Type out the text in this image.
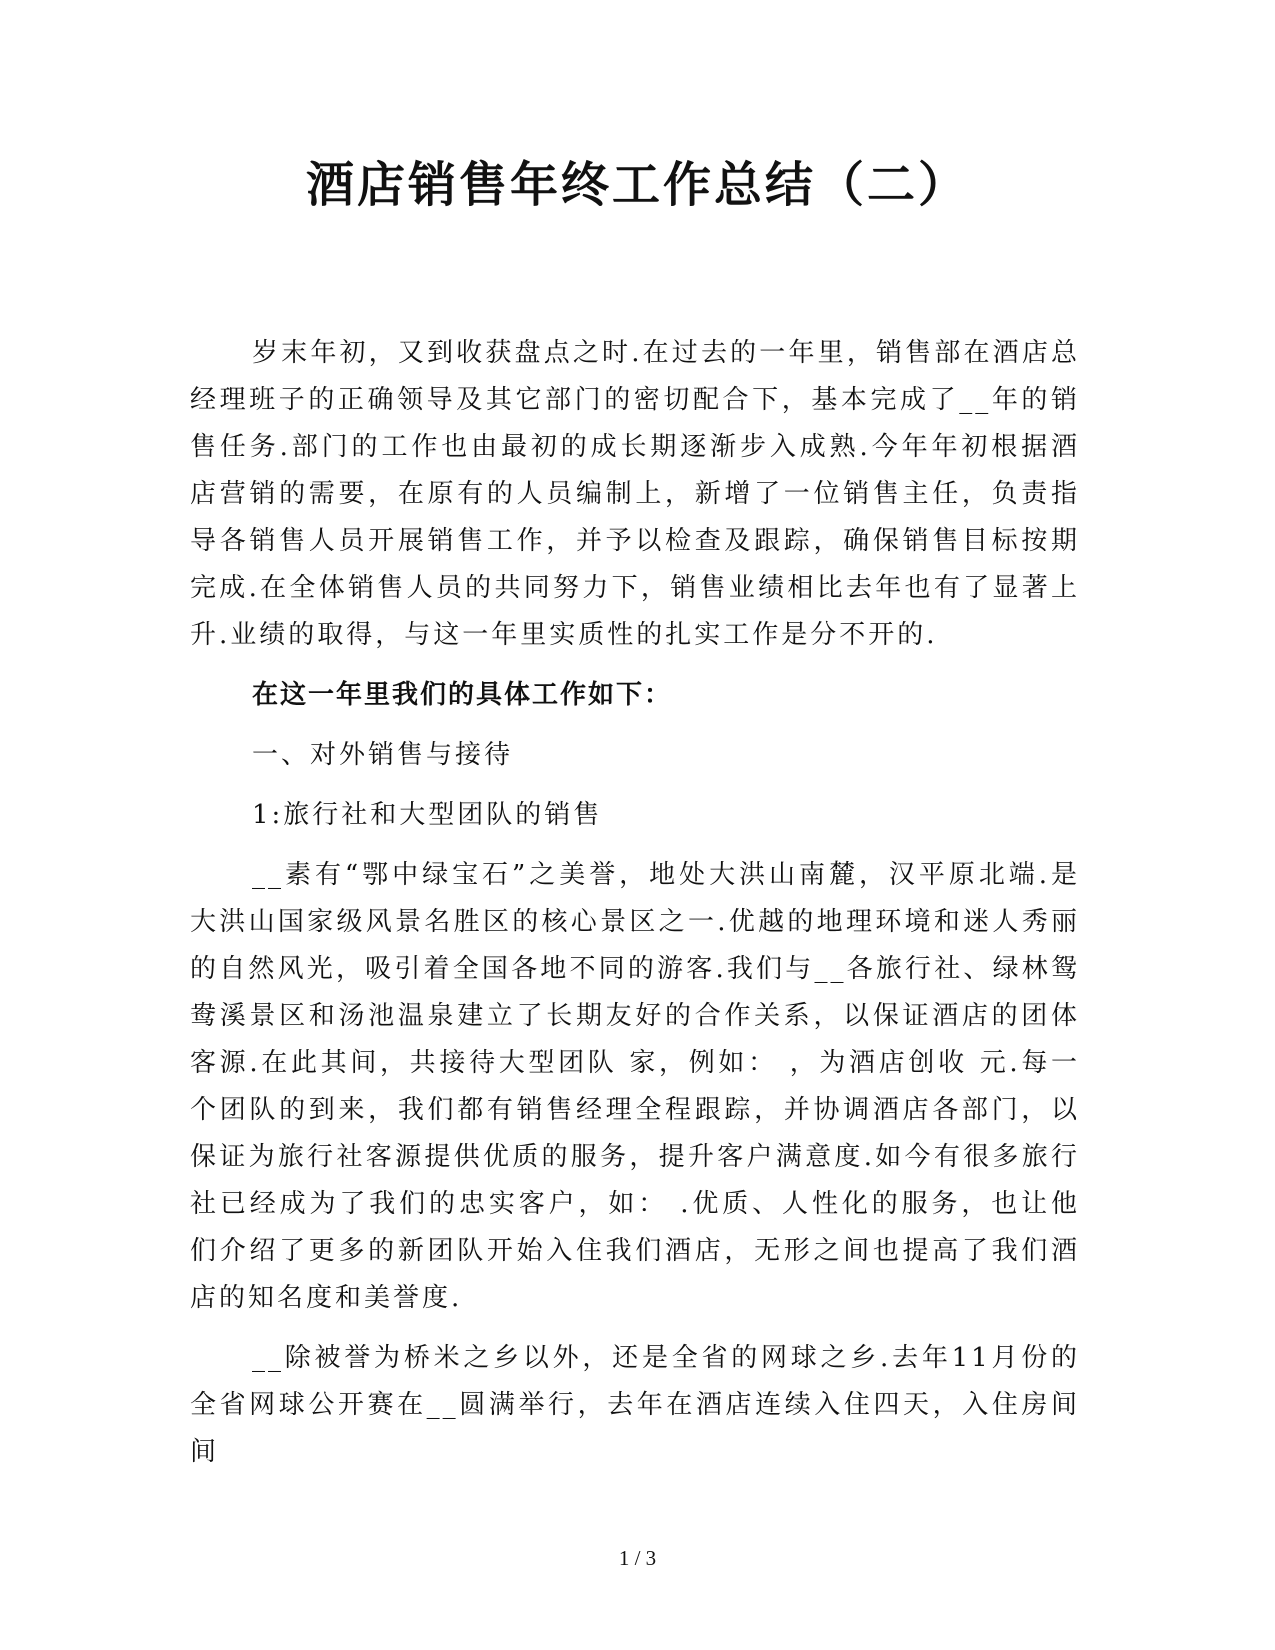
酒店销售年终工作总结（二）

岁末年初，又到收获盘点之时.在过去的一年里，销售部在酒店总经理班子的正确领导及其它部门的密切配合下，基本完成了__年的销售任务.部门的工作也由最初的成长期逐渐步入成熟.今年年初根据酒店营销的需要，在原有的人员编制上，新增了一位销售主任，负责指导各销售人员开展销售工作，并予以检查及跟踪，确保销售目标按期完成.在全体销售人员的共同努力下，销售业绩相比去年也有了显著上升.业绩的取得，与这一年里实质性的扎实工作是分不开的.

在这一年里我们的具体工作如下：

一、对外销售与接待

1:旅行社和大型团队的销售

__素有“鄂中绿宝石”之美誉，地处大洪山南麓，汉平原北端.是大洪山国家级风景名胜区的核心景区之一.优越的地理环境和迷人秀丽的自然风光，吸引着全国各地不同的游客.我们与__各旅行社、绿林鸳鸯溪景区和汤池温泉建立了长期友好的合作关系，以保证酒店的团体客源.在此其间，共接待大型团队 家，例如： ，为酒店创收 元.每一个团队的到来，我们都有销售经理全程跟踪，并协调酒店各部门，以保证为旅行社客源提供优质的服务，提升客户满意度.如今有很多旅行社已经成为了我们的忠实客户，如： .优质、人性化的服务，也让他们介绍了更多的新团队开始入住我们酒店，无形之间也提高了我们酒店的知名度和美誉度.

__除被誉为桥米之乡以外，还是全省的网球之乡.去年11月份的全省网球公开赛在__圆满举行，去年在酒店连续入住四天，入住房间 间

1 / 3
